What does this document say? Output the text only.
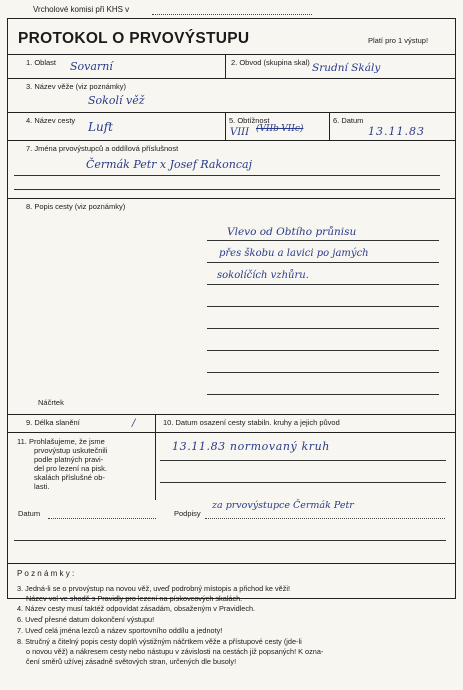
Vrcholové komisi při KHS v
PROTOKOL O PRVOVÝSTUPU	Platí pro 1 výstup!
1. Oblast Sovarní	2. Obvod (skupina skal) Srudní Skály
3. Název věže (viz poznámky)
Sokolí věž
4. Název cesty Luft	5. Obtížnost
VIII (VIIb-VIIc)
6. Datum
13.11.83
7. Jména prvovýstupců a oddílová příslušnost
Čermák Petr x Josef Rakoncaj
8. Popis cesty (viz poznámky)
Vlevo od Obtího průnisu
přes škobu a lavici po jamých
sokolíčích vzhůru.
Náčrtek
9. Délka slanění	/	10. Datum osazení cesty stabiln. kruhy a jejich původ
13.11.83 normovaný kruh
11. Prohlašujeme, že jsme
prvovýstup uskutečnili
podle platných pravi-
del pro lezení na pisk.
skalách příslušné ob-
lasti.
Datum	Podpisy
za prvovýstupce Čermák Petr
P o z n á m k y :
3. Jedná-li se o prvovýstup na novou věž, uveď podrobný místopis a přichod ke věži!
Název vol ve shodě s Pravidly pro lezení na pískovcových skalách.
4. Název cesty musí taktéž odpovídat zásadám, obsaženým v Pravidlech.
6. Uveď přesné datum dokončení výstupu!
7. Uveď celá jména lezců a název sportovního oddílu a jednoty!
8. Stručný a čitelný popis cesty doplň výstižným náčrtkem věže a přístupové cesty (jde-li
o novou věž) a nákresem cesty nebo nástupu v závislosti na cestách již popsaných! K ozna-
čení směrů užívej zásadně světových stran, určených dle busoly!
